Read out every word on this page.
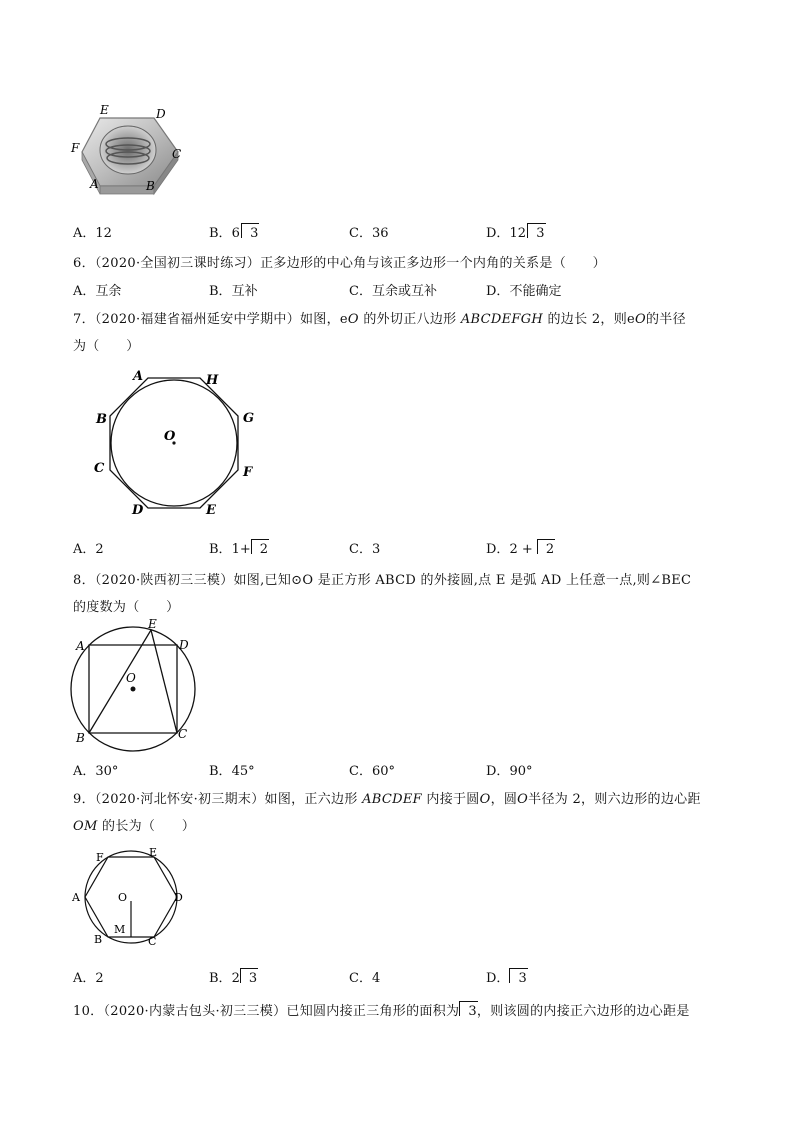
E	D
C
F
A	B
A．12	B．6  3	C．36	D．12  3
6．（2020·全国初三课时练习）正多边形的中心角与该正多边形一个内角的关系是（　　）
A．互余	B．互补	C．互余或互补	D．不能确定
7．（2020·福建省福州延安中学期中）如图，eO 的外切正八边形 ABCDEFGH 的边长 2，则eO的半径
为（　　）
O
A	H
B	G
C	F
D	E
A．2	B．1+ 2	C．3	D．2 + 2
8．（2020·陕西初三三模）如图,已知⊙O 是正方形 ABCD 的外接圆,点 E 是弧 AD 上任意一点,则∠BEC
的度数为（　　）
O
E
A	D
B	C
A．30°	B．45°	C．60°	D．90°
9．（2020·河北怀安·初三期末）如图，正六边形 ABCDEF 内接于圆O，圆O半径为 2，则六边形的边心距
OM 的长为（　　）
O
M
F	E
A	D
B	C
A．2	B．2 3	C．4	D． 3
10．（2020·内蒙古包头·初三三模）已知圆内接正三角形的面积为 3，则该圆的内接正六边形的边心距是
